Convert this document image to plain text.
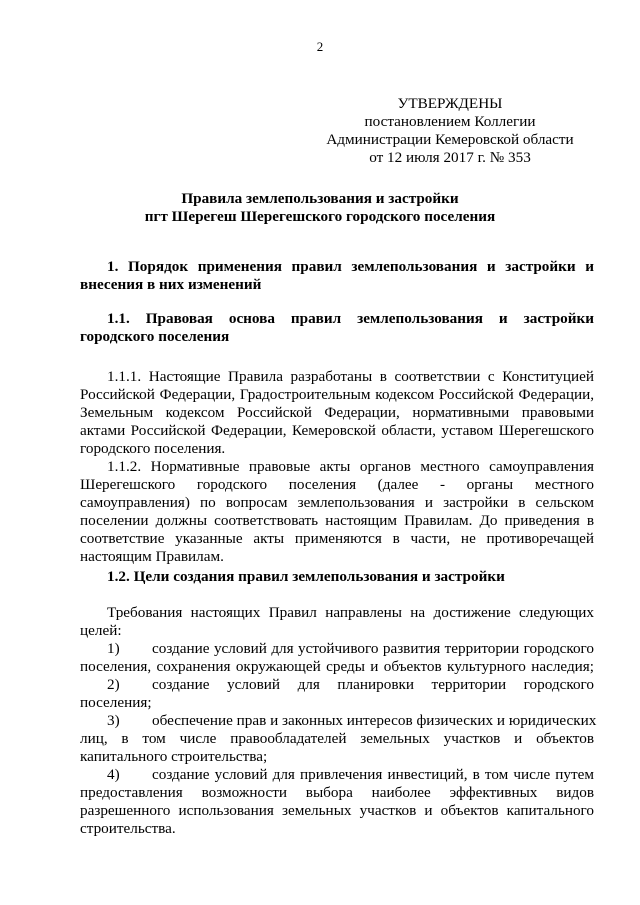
2
УТВЕРЖДЕНЫ
постановлением Коллегии
Администрации Кемеровской области
от 12 июля 2017 г. № 353
Правила землепользования и застройки
пгт Шерегеш Шерегешского городского поселения
1. Порядок применения правил землепользования и застройки и
внесения в них изменений
1.1. Правовая основа правил землепользования и застройки
городского поселения
1.1.1. Настоящие Правила разработаны в соответствии с Конституцией
Российской Федерации, Градостроительным кодексом Российской Федерации,
Земельным кодексом Российской Федерации, нормативными правовыми
актами Российской Федерации, Кемеровской области, уставом Шерегешского
городского поселения.
1.1.2. Нормативные правовые акты органов местного самоуправления
Шерегешского городского поселения (далее - органы местного
самоуправления) по вопросам землепользования и застройки в сельском
поселении должны соответствовать настоящим Правилам. До приведения в
соответствие указанные акты применяются в части, не противоречащей
настоящим Правилам.
1.2. Цели создания правил землепользования и застройки
Требования настоящих Правил направлены на достижение следующих
целей:
1)	создание условий для устойчивого развития территории городского
поселения, сохранения окружающей среды и объектов культурного наследия;
2)	создание условий для планировки территории городского
поселения;
3)	обеспечение прав и законных интересов физических и юридических
лиц, в том числе правообладателей земельных участков и объектов
капитального строительства;
4)	создание условий для привлечения инвестиций, в том числе путем
предоставления возможности выбора наиболее эффективных видов
разрешенного использования земельных участков и объектов капитального
строительства.
